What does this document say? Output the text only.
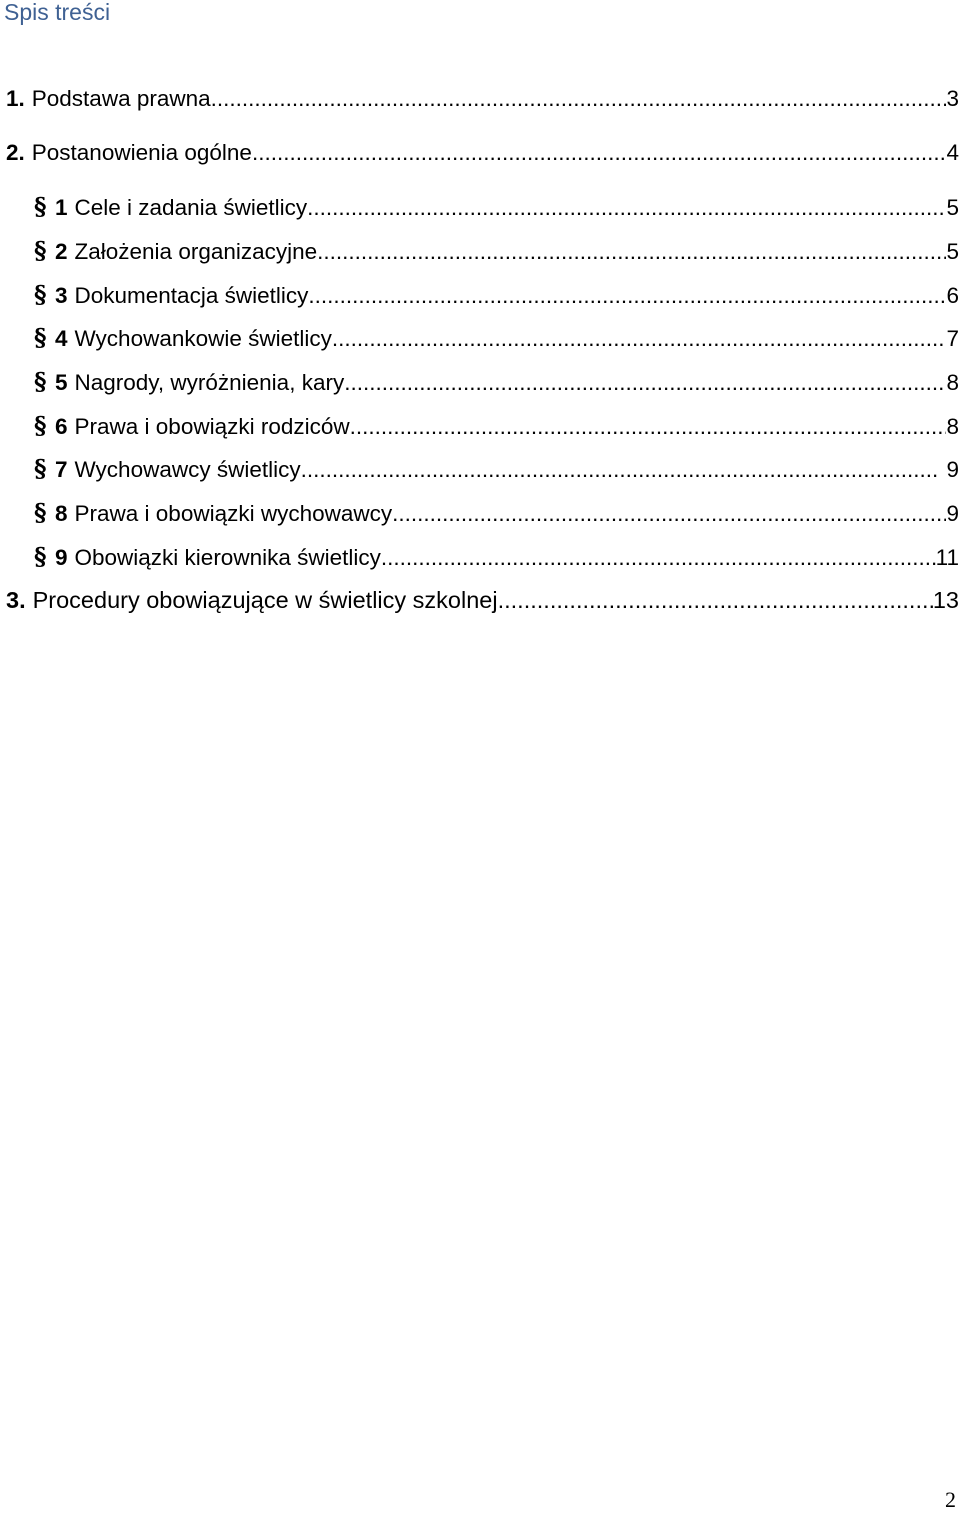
Spis treści
1. Podstawa prawna .....	3
2. Postanowienia ogólne .....	4
§ 1 Cele i zadania świetlicy .....	5
§ 2 Założenia organizacyjne .....	5
§ 3 Dokumentacja świetlicy .....	6
§ 4 Wychowankowie świetlicy .....	7
§ 5 Nagrody, wyróżnienia, kary .....	8
§ 6 Prawa i obowiązki rodziców .....	8
§ 7 Wychowawcy świetlicy .....	9
§ 8 Prawa i obowiązki wychowawcy .....	9
§ 9 Obowiązki kierownika świetlicy .....	11
3. Procedury obowiązujące w świetlicy szkolnej .....	13
2
